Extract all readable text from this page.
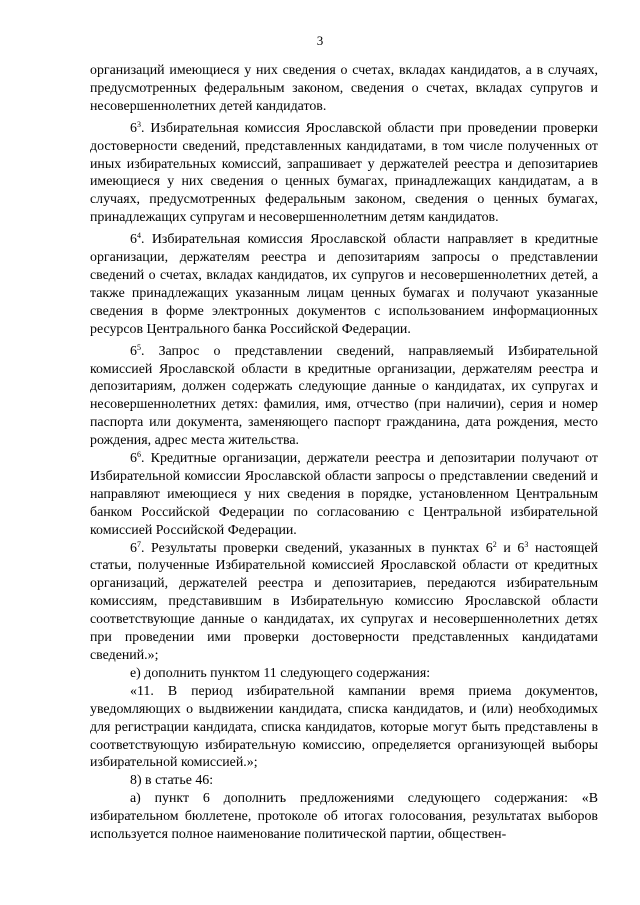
3

организаций имеющиеся у них сведения о счетах, вкладах кандидатов, а в случаях, предусмотренных федеральным законом, сведения о счетах, вкладах супругов и несовершеннолетних детей кандидатов.

$6^3$. Избирательная комиссия Ярославской области при проведении проверки достоверности сведений, представленных кандидатами, в том числе полученных от иных избирательных комиссий, запрашивает у держателей реестра и депозитариев имеющиеся у них сведения о ценных бумагах, принадлежащих кандидатам, а в случаях, предусмотренных федеральным законом, сведения о ценных бумагах, принадлежащих супругам и несовершеннолетним детям кандидатов.

$6^4$. Избирательная комиссия Ярославской области направляет в кредитные организации, держателям реестра и депозитариям запросы о представлении сведений о счетах, вкладах кандидатов, их супругов и несовершеннолетних детей, а также принадлежащих указанным лицам ценных бумагах и получают указанные сведения в форме электронных документов с использованием информационных ресурсов Центрального банка Российской Федерации.

$6^5$. Запрос о представлении сведений, направляемый Избирательной комиссией Ярославской области в кредитные организации, держателям реестра и депозитариям, должен содержать следующие данные о кандидатах, их супругах и несовершеннолетних детях: фамилия, имя, отчество (при наличии), серия и номер паспорта или документа, заменяющего паспорт гражданина, дата рождения, место рождения, адрес места жительства.

$6^6$. Кредитные организации, держатели реестра и депозитарии получают от Избирательной комиссии Ярославской области запросы о представлении сведений и направляют имеющиеся у них сведения в порядке, установленном Центральным банком Российской Федерации по согласованию с Центральной избирательной комиссией Российской Федерации.

$6^7$. Результаты проверки сведений, указанных в пунктах $6^2$ и $6^3$ настоящей статьи, полученные Избирательной комиссией Ярославской области от кредитных организаций, держателей реестра и депозитариев, передаются избирательным комиссиям, представившим в Избирательную комиссию Ярославской области соответствующие данные о кандидатах, их супругах и несовершеннолетних детях при проведении ими проверки достоверности представленных кандидатами сведений.»;

е) дополнить пунктом 11 следующего содержания:

«11. В период избирательной кампании время приема документов, уведомляющих о выдвижении кандидата, списка кандидатов, и (или) необходимых для регистрации кандидата, списка кандидатов, которые могут быть представлены в соответствующую избирательную комиссию, определяется организующей выборы избирательной комиссией.»;

8) в статье 46:

а) пункт 6 дополнить предложениями следующего содержания: «В избирательном бюллетене, протоколе об итогах голосования, результатах выборов используется полное наименование политической партии, обществен-
